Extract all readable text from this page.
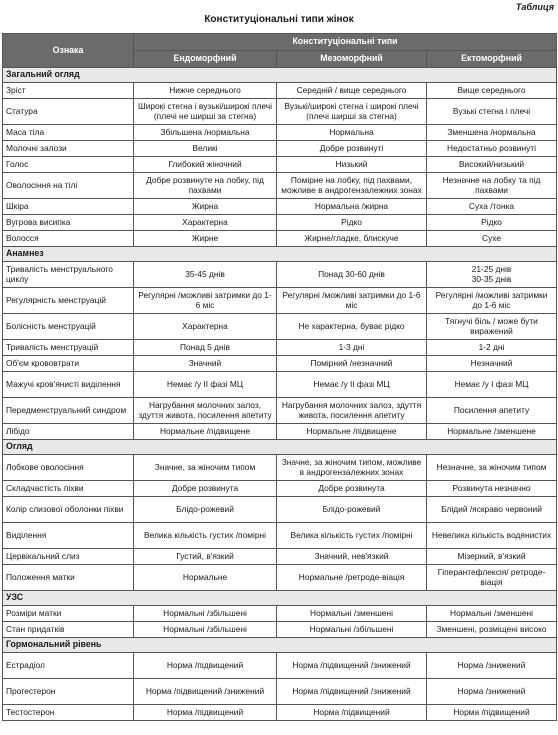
Таблиця
Конституціональні типи жінок
Ознака	Конституціональні типи		
	Ендоморфний	Мезоморфний	Ектоморфний
Загальний огляд			
Зріст	Нижче середнього	Середній / вище середнього	Вище середнього
Статура	Широкі стегна і вузькі/широкі плечі (плечі не ширші за стегна)	Вузькі/широкі стегна і широкі плечі (плечі ширші за стегна)	Вузькі стегна і плечі
Маса тіла	Збільшена /нормальна	Нормальна	Зменшена /нормальна
Молочні залози	Великі	Добре розвинуті	Недостатньо розвинуті
Голос	Глибокий жіночний	Низький	Високий/низький
Оволосіння на тілі	Добре розвинуте на лобку, під пахвами	Помірне на лобку, під пахвами, можливе в андрогензалежних зонах	Незначне на лобку та під пахвами
Шкіра	Жирна	Нормальна /жирна	Суха /тонка
Вугрова висипка	Характерна	Рідко	Рідко
Волосся	Жирне	Жирне/гладке, блискуче	Сухе
Анамнез			
Тривалість менструального циклу	35-45 днів	Понад 30-60 днів	21-25 днів
30-35 днів
Регулярність менструацій	Регулярні /можливі затримки до 1-6 міс	Регулярні /можливі затримки до 1-6 міс	Регулярні /можливі затримки до 1-6 міс
Болісність менструацій	Характерна	Не характерна, буває рідко	Тягнучі біль / може бути виражений
Тривалість менструацій	Понад 5 днів	1-3 дні	1-2 дні
Об'єм крововтрати	Значний	Помірний /незначний	Незначний
Мажучі кров'янисті виділення	Немає /у ІІ фазі МЦ	Немає /у ІІ фазі МЦ	Немає /у І фазі МЦ
Передменструальний синдром	Нагрубання молочних залоз, здуття живота, посилення апетиту	Нагрубання молочних залоз, здуття живота, посилення апетиту	Посилення апетиту
Лібідо	Нормальне /підвищене	Нормальне /підвищене	Нормальне /зменшене
Огляд			
Лобкове оволосіння	Значне, за жіночим типом	Значне, за жіночим типом, можливе в андрогензалежних зонах	Незначне, за жіночим типом
Складчастість піхви	Добре розвинута	Добре розвинута	Розвинута незначно
Колір слизової оболонки піхви	Блідо-рожевий	Блідо-рожевий	Блідий /яскраво червоний
Виділення	Велика кількість густих /помірні	Велика кількість густих /помірні	Невелика кількість водянистих
Цервікальний слиз	Густий, в'язкий	Значний, нев'язкий	Мізерний, в'язкий
Положення матки	Нормальне	Нормальне /ретроде-віація	Гіперантефлексія/ ретроде-віація
УЗС			
Розміри матки	Нормальні /збільшені	Нормальні /зменшені	Нормальні /зменшені
Стан придатків	Нормальні /збільшені	Нормальні /збільшені	Зменшені, розміщені високо
Гормональний рівень			
Естрадіол	Норма /підвищений	Норма /підвищений /знижений	Норма /знижений
Прогестерон	Норма /підвищений /знижений	Норма /підвищений /знижений	Норма /знижений
Тестостерон	Норма /підвищений	Норма /підвищений	Норма /підвищений
